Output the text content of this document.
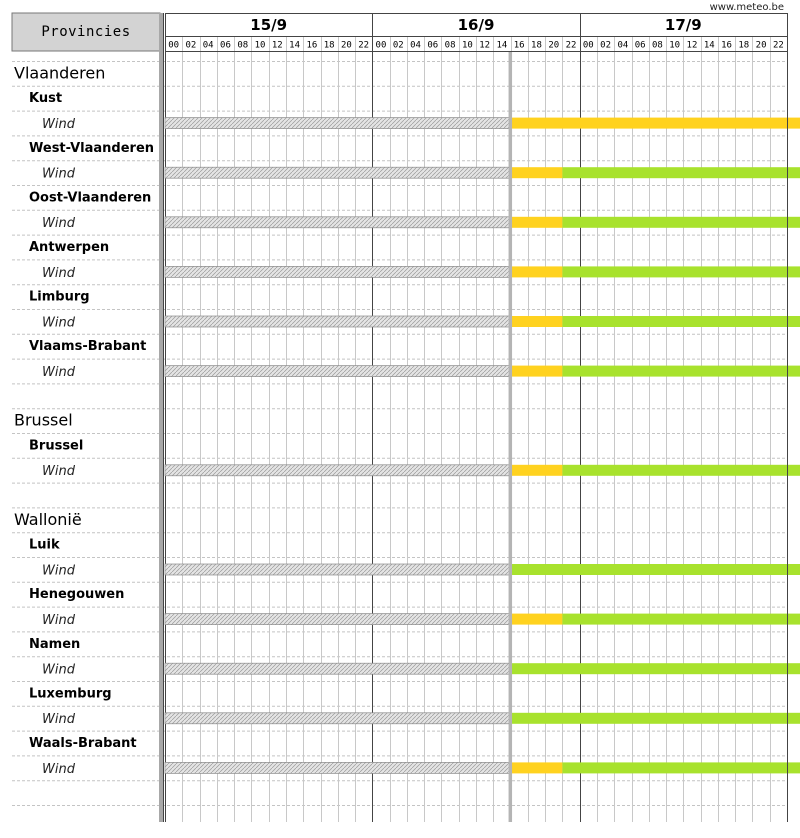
www.meteo.be
Provincies	15/9	16/9	17/9
00 02 04 06 08 10 12 14 16 18 20 22 00 02 04 06 08 10 12 14 16 18 20 22 00 02 04 06 08 10 12 14 16 18 20 22
Vlaanderen
Kust
Wind
West-Vlaanderen
Wind
Oost-Vlaanderen
Wind
Antwerpen
Wind
Limburg
Wind
Vlaams-Brabant
Wind
Brussel
Brussel
Wind
Wallonië
Luik
Wind
Henegouwen
Wind
Namen
Wind
Luxemburg
Wind
Waals-Brabant
Wind
